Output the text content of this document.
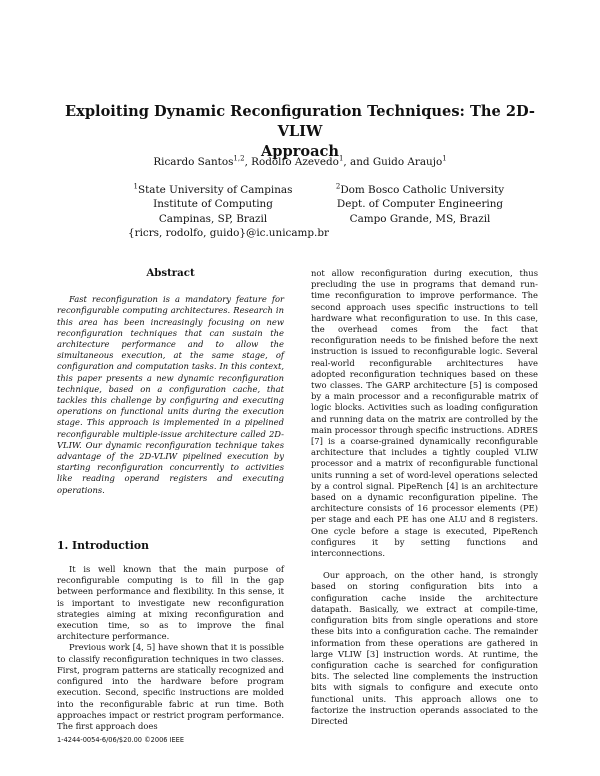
Exploiting Dynamic Reconfiguration Techniques: The 2D-VLIW
Approach
Ricardo Santos$^{1,2}$, Rodolfo Azevedo$^1$, and Guido Araujo$^1$
$^1$State University of Campinas
Institute of Computing
Campinas, SP, Brazil
{ricrs, rodolfo, guido}@ic.unicamp.br
$^2$Dom Bosco Catholic University
Dept. of Computer Engineering
Campo Grande, MS, Brazil
Abstract

Fast reconfiguration is a mandatory feature for reconfigurable computing architectures. Research in this area has been increasingly focusing on new reconfiguration techniques that can sustain the architecture performance and to allow the simultaneous execution, at the same stage, of configuration and computation tasks. In this context, this paper presents a new dynamic reconfiguration technique, based on a configuration cache, that tackles this challenge by configuring and executing operations on functional units during the execution stage. This approach is implemented in a pipelined reconfigurable multiple-issue architecture called 2D-VLIW. Our dynamic reconfiguration technique takes advantage of the 2D-VLIW pipelined execution by starting reconfiguration concurrently to activities like reading operand registers and executing operations.

1. Introduction

It is well known that the main purpose of reconfigurable computing is to fill in the gap between performance and flexibility. In this sense, it is important to investigate new reconfiguration strategies aiming at mixing reconfiguration and execution time, so as to improve the final architecture performance.

Previous work [4, 5] have shown that it is possible to classify reconfiguration techniques in two classes. First, program patterns are statically recognized and configured into the hardware before program execution. Second, specific instructions are molded into the reconfigurable fabric at run time. Both approaches impact or restrict program performance. The first approach does

not allow reconfiguration during execution, thus precluding the use in programs that demand run-time reconfiguration to improve performance. The second approach uses specific instructions to tell hardware what reconfiguration to use. In this case, the overhead comes from the fact that reconfiguration needs to be finished before the next instruction is issued to reconfigurable logic. Several real-world reconfigurable architectures have adopted reconfiguration techniques based on these two classes. The GARP architecture [5] is composed by a main processor and a reconfigurable matrix of logic blocks. Activities such as loading configuration and running data on the matrix are controlled by the main processor through specific instructions. ADRES [7] is a coarse-grained dynamically reconfigurable architecture that includes a tightly coupled VLIW processor and a matrix of reconfigurable functional units running a set of word-level operations selected by a control signal. PipeRench [4] is an architecture based on a dynamic reconfiguration pipeline. The architecture consists of 16 processor elements (PE) per stage and each PE has one ALU and 8 registers. One cycle before a stage is executed, PipeRench configures it by setting functions and interconnections.

Our approach, on the other hand, is strongly based on storing configuration bits into a configuration cache inside the architecture datapath. Basically, we extract at compile-time, configuration bits from single operations and store these bits into a configuration cache. The remainder information from these operations are gathered in large VLIW [3] instruction words. At runtime, the configuration cache is searched for configuration bits. The selected line complements the instruction bits with signals to configure and execute onto functional units. This approach allows one to factorize the instruction operands associated to the Directed

1-4244-0054-6/06/$20.00 ©2006 IEEE
